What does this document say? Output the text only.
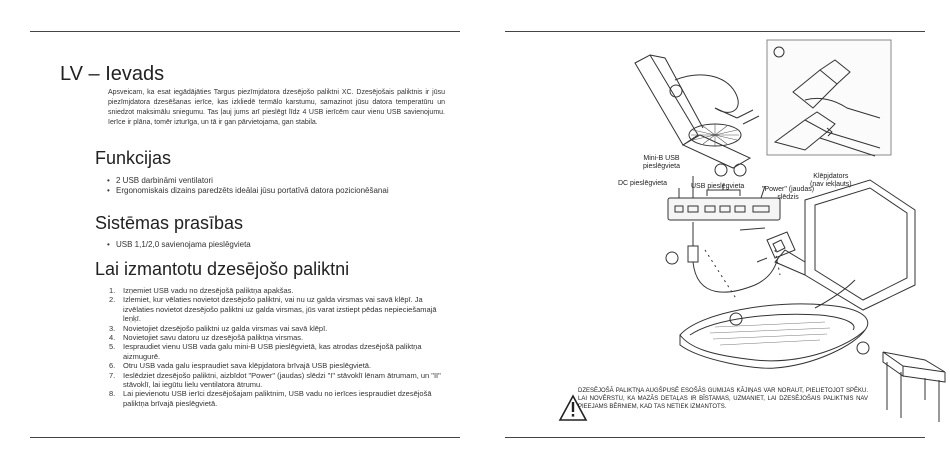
LV – Ievads
Apsveicam, ka esat iegādājāties Targus piezīmjdatora dzesējošo paliktni XC. Dzesējošais paliktnis ir jūsu piezīmjdatora dzesēšanas ierīce, kas izkliedē termālo karstumu, samazinot jūsu datora temperatūru un sniedzot maksimālu sniegumu. Tas ļauj jums arī pieslēgt līdz 4 USB ierīcēm caur vienu USB savienojumu. Ierīce ir plāna, tomēr izturīga, un tā ir gan pārvietojama, gan stabila.
Funkcijas
• 2 USB darbināmi ventilatori
• Ergonomiskais dizains paredzēts ideālai jūsu portatīvā datora pozicionēšanai
Sistēmas prasības
• USB 1,1/2,0 savienojama pieslēgvieta
Lai izmantotu dzesējošo paliktni
1. Izņemiet USB vadu no dzesējošā paliktņa apakšas.
2. Izlemiet, kur vēlaties novietot dzesējošo paliktni, vai nu uz galda virsmas vai savā klēpī. Ja izvēlaties novietot dzesējošo paliktni uz galda virsmas, jūs varat izstiept pēdas nepieciešamajā leņķī.
3. Novietojiet dzesējošo paliktni uz galda virsmas vai savā klēpī.
4. Novietojiet savu datoru uz dzesējošā paliktņa virsmas.
5. Iespraudiet vienu USB vada galu mini-B USB pieslēgvietā, kas atrodas dzesējošā paliktņa aizmugurē.
6. Otru USB vada galu iespraudiet sava klēpjdatora brīvajā USB pieslēgvietā.
7. Ieslēdziet dzesējošo paliktni, aizbīdot "Power" (jaudas) slēdzi "I" stāvoklī lēnam ātrumam, un "II" stāvoklī, lai iegūtu lielu ventilatora ātrumu.
8. Lai pievienotu USB ierīci dzesējošajam paliktnim, USB vadu no ierīces iespraudiet dzesējošā paliktņa brīvajā pieslēgvietā.
Mini-B USB
pieslēgvieta
DC pieslēgvieta	USB pieslēgvieta	"Power" (jaudas)
slēdzis
Klēpjdators
(nav iekļauts)
DZESĒJOŠĀ PALIKTŅA AUGŠPUSĒ ESOŠĀS GUMIJAS KĀJIŅAS VAR NORAUT, PIELIETOJOT SPĒKU. LAI NOVĒRSTU, KA MAZĀS DETAĻAS IR BĪSTAMAS, UZMANIET, LAI DZESĒJOŠAIS PALIKTNIS NAV PIEEJAMS BĒRNIEM, KAD TAS NETIEK IZMANTOTS.
